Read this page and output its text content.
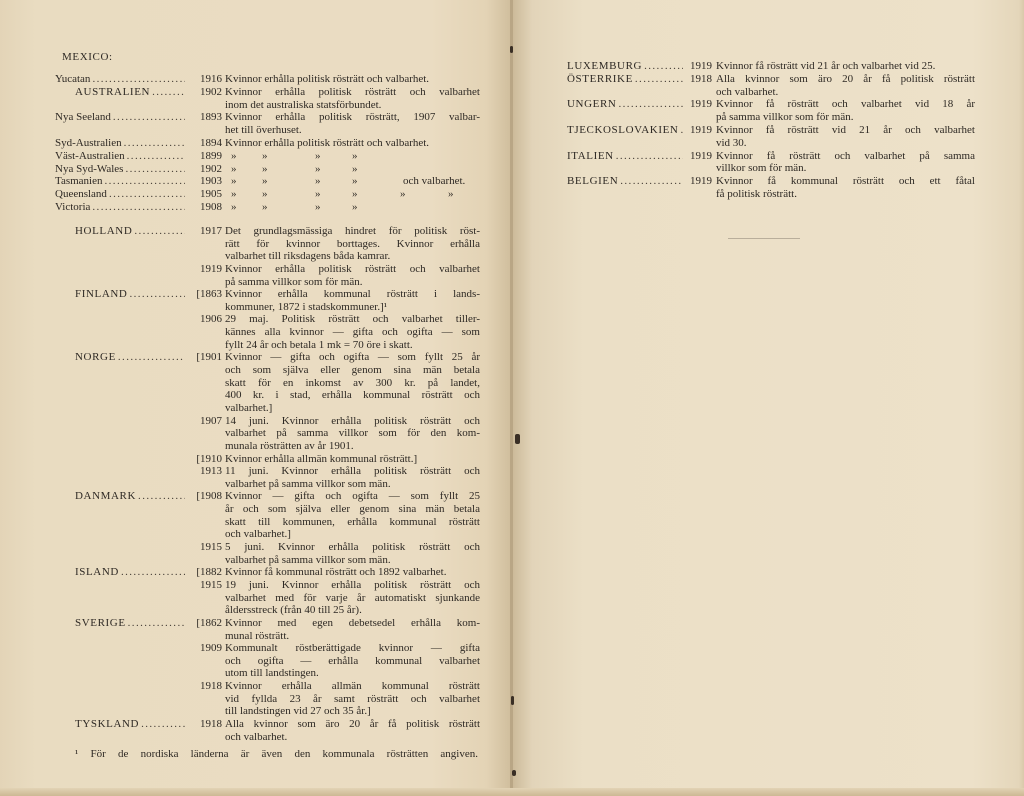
MEXICO:
Yucatan .....	1916 Kvinnor erhålla politisk rösträtt och valbarhet.
AUSTRALIEN .....	1902 Kvinnor erhålla politisk rösträtt och valbarhet
inom det australiska statsförbundet.
Nya Seeland .....	1893 Kvinnor erhålla politisk rösträtt, 1907 valbar-
het till överhuset.
Syd-Australien .....	1894 Kvinnor erhålla politisk rösträtt och valbarhet.
Väst-Australien .....	1899 » »	»	»
Nya Syd-Wales .....	1902 » »	»	»
Tasmanien .....	1903 » »	»	»	och valbarhet.
Queensland .....	1905 » »	»	»	»	»
Victoria .....	1908 » »	»	»
HOLLAND .....	1917 Det grundlagsmässiga hindret för politisk röst-
rätt för kvinnor borttages. Kvinnor erhålla
valbarhet till riksdagens båda kamrar.
1919 Kvinnor erhålla politisk rösträtt och valbarhet
på samma villkor som för män.
FINLAND .....	[1863 Kvinnor erhålla kommunal rösträtt i lands-
kommuner, 1872 i stadskommuner.]¹
1906 29 maj. Politisk rösträtt och valbarhet tiller-
kännes alla kvinnor — gifta och ogifta — som
fyllt 24 år och betala 1 mk = 70 öre i skatt.
NORGE .....	[1901 Kvinnor — gifta och ogifta — som fyllt 25 år
och som själva eller genom sina män betala
skatt för en inkomst av 300 kr. på landet,
400 kr. i stad, erhålla kommunal rösträtt och
valbarhet.]
1907 14 juni. Kvinnor erhålla politisk rösträtt och
valbarhet på samma villkor som för den kom-
munala rösträtten av år 1901.
[1910 Kvinnor erhålla allmän kommunal rösträtt.]
1913 11 juni. Kvinnor erhålla politisk rösträtt och
valbarhet på samma villkor som män.
DANMARK .....	[1908 Kvinnor — gifta och ogifta — som fyllt 25
år och som själva eller genom sina män betala
skatt till kommunen, erhålla kommunal rösträtt
och valbarhet.]
1915 5 juni. Kvinnor erhålla politisk rösträtt och
valbarhet på samma villkor som män.
ISLAND .....	[1882 Kvinnor få kommunal rösträtt och 1892 valbarhet.
1915 19 juni. Kvinnor erhålla politisk rösträtt och
valbarhet med för varje år automatiskt sjunkande
åldersstreck (från 40 till 25 år).
SVERIGE .....	[1862 Kvinnor med egen debetsedel erhålla kom-
munal rösträtt.
1909 Kommunalt röstberättigade kvinnor — gifta
och ogifta — erhålla kommunal valbarhet
utom till landstingen.
1918 Kvinnor erhålla allmän kommunal rösträtt
vid fyllda 23 år samt rösträtt och valbarhet
till landstingen vid 27 och 35 år.]
TYSKLAND .....	1918 Alla kvinnor som äro 20 år få politisk rösträtt
och valbarhet.
¹ För de nordiska länderna är även den kommunala rösträtten angiven.
LUXEMBURG .....	1919 Kvinnor få rösträtt vid 21 år och valbarhet vid 25.
ÖSTERRIKE .....	1918 Alla kvinnor som äro 20 år få politisk rösträtt
och valbarhet.
UNGERN .....	1919 Kvinnor få rösträtt och valbarhet vid 18 år
på samma villkor som för män.
TJECKOSLOVAKIEN .....	1919 Kvinnor få rösträtt vid 21 år och valbarhet
vid 30.
ITALIEN .....	1919 Kvinnor få rösträtt och valbarhet på samma
villkor som för män.
BELGIEN .....	1919 Kvinnor få kommunal rösträtt och ett fåtal
få politisk rösträtt.
